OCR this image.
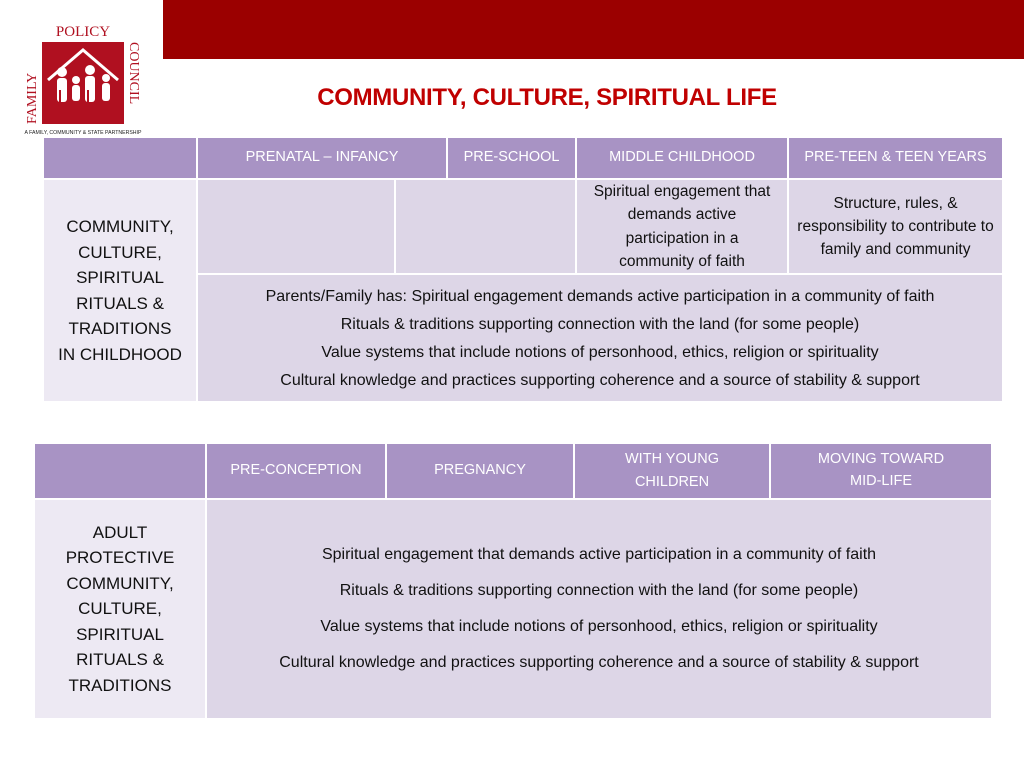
POLICY
FAMILY	COUNCIL
A FAMILY, COMMUNITY & STATE PARTNERSHIP
COMMUNITY, CULTURE, SPIRITUAL LIFE
	PRENATAL – INFANCY		PRE-SCHOOL	MIDDLE CHILDHOOD	PRE-TEEN & TEEN YEARS
COMMUNITY, CULTURE, SPIRITUAL RITUALS & TRADITIONS IN CHILDHOOD				Spiritual engagement that demands active participation in a community of faith	Structure, rules, & responsibility to contribute to family and community

	Parents/Family has: Spiritual engagement demands active participation in a community of faith

Rituals & traditions supporting connection with the land (for some people)

Value systems that include notions of personhood, ethics, religion or spirituality

Cultural knowledge and practices supporting coherence and a source of stability & support				

	PRE-CONCEPTION	PREGNANCY	WITH YOUNG CHILDREN	MOVING TOWARD MID-LIFE
ADULT PROTECTIVE COMMUNITY, CULTURE, SPIRITUAL RITUALS & TRADITIONS	Spiritual engagement that demands active participation in a community of faith

Rituals & traditions supporting connection with the land (for some people)

Value systems that include notions of personhood, ethics, religion or spirituality

Cultural knowledge and practices supporting coherence and a source of stability & support			
